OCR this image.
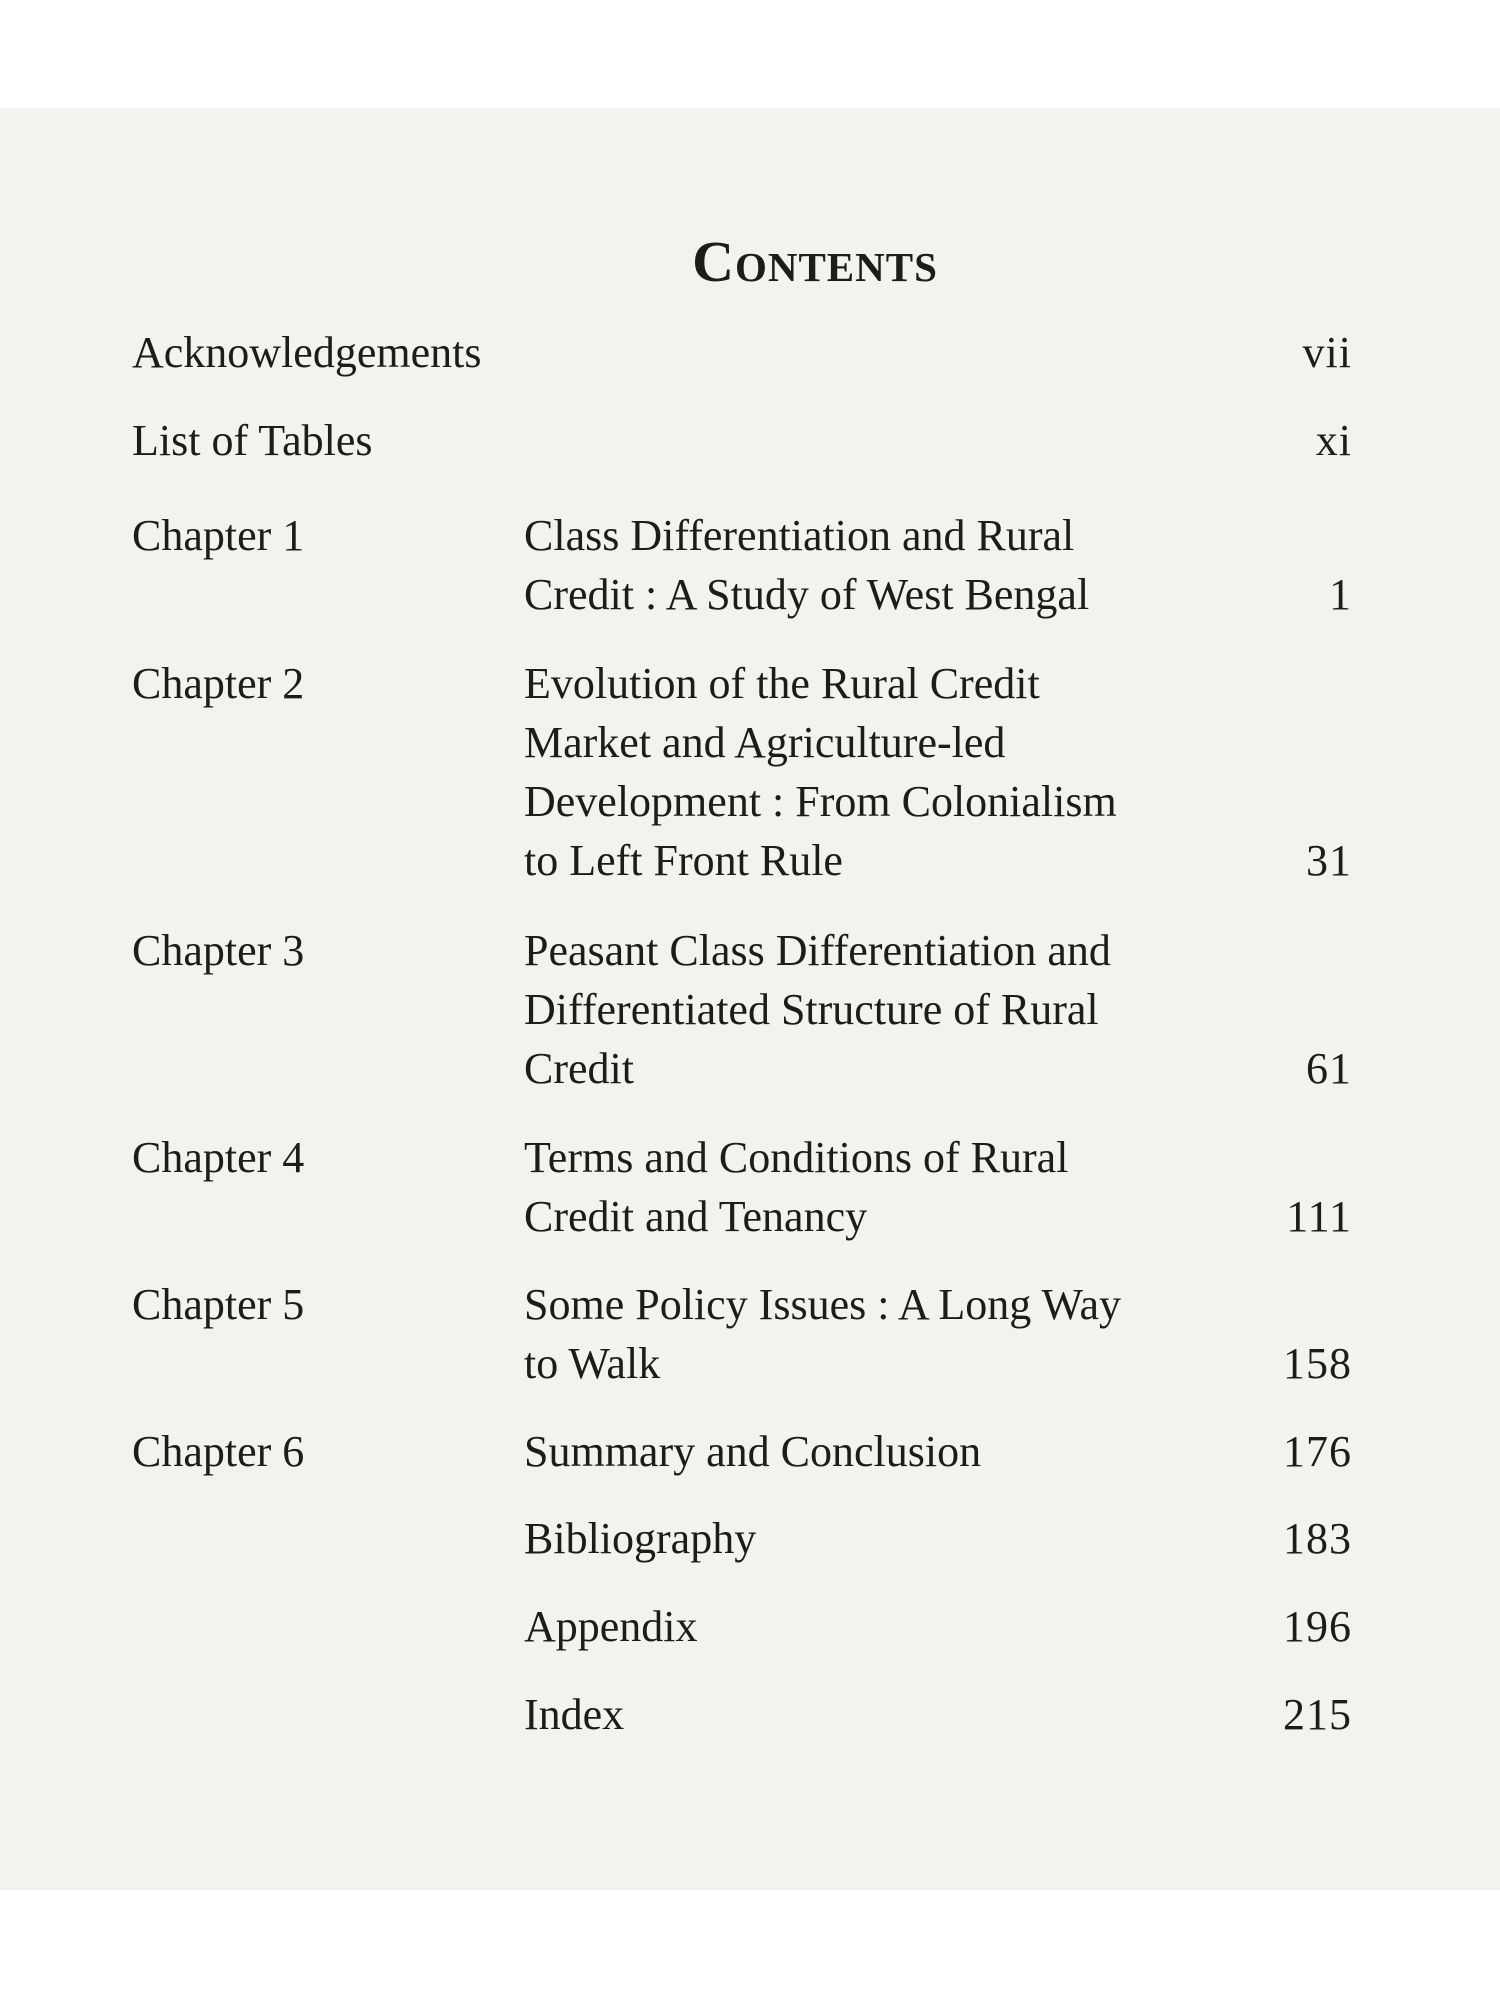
Contents
Acknowledgements	vii
List of Tables	xi
Chapter 1	Class Differentiation and Rural
Credit : A Study of West Bengal	1
Chapter 2	Evolution of the Rural Credit
Market and Agriculture-led
Development : From Colonialism
to Left Front Rule	31
Chapter 3	Peasant Class Differentiation and
Differentiated Structure of Rural
Credit	61
Chapter 4	Terms and Conditions of Rural
Credit and Tenancy	111
Chapter 5	Some Policy Issues : A Long Way
to Walk	158
Chapter 6	Summary and Conclusion	176
Bibliography	183
Appendix	196
Index	215
